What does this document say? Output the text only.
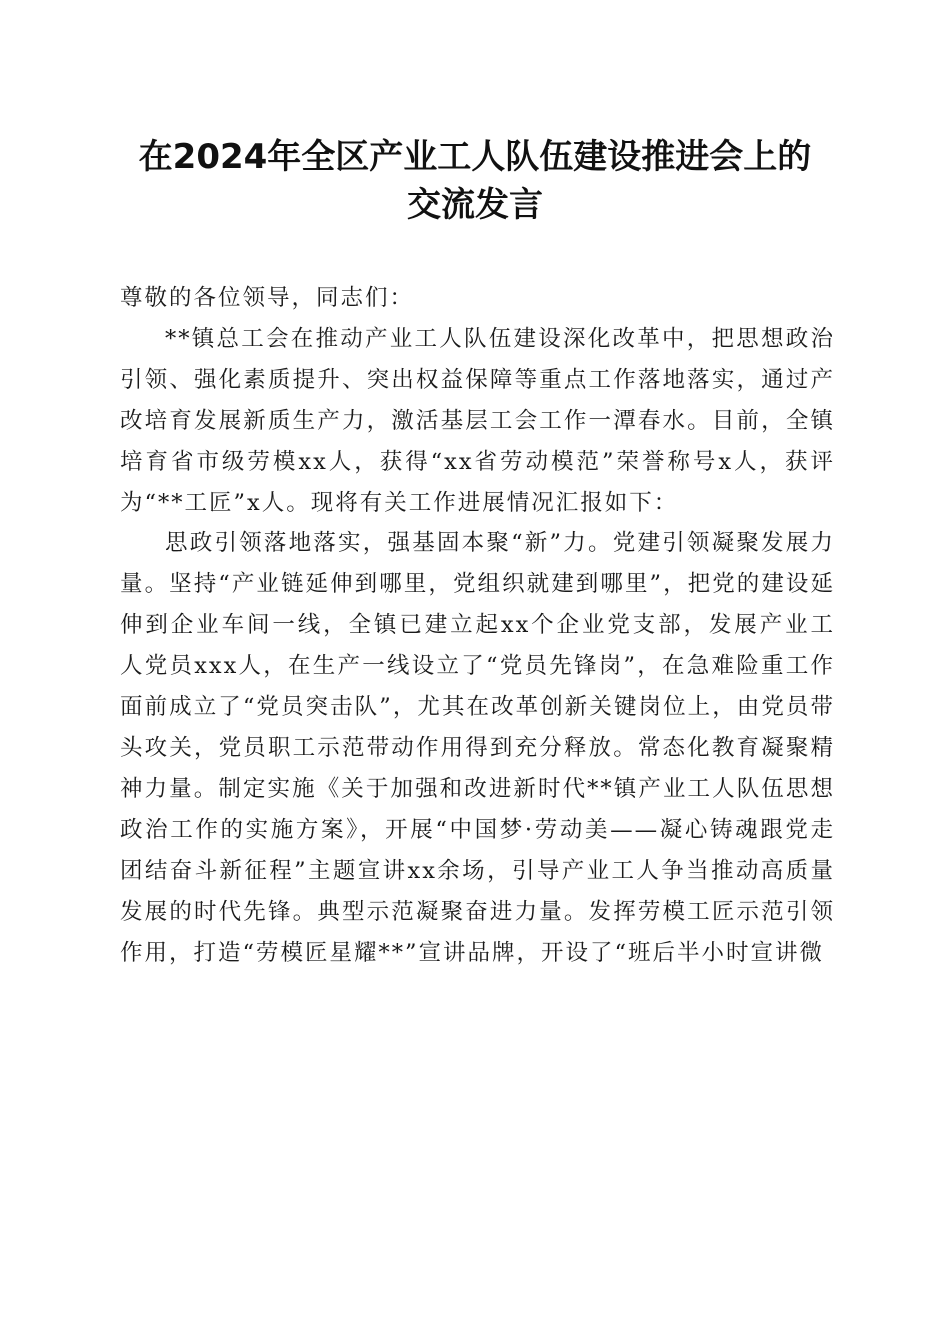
在2024年全区产业工人队伍建设推进会上的
交流发言

尊敬的各位领导，同志们：

**镇总工会在推动产业工人队伍建设深化改革中，把思想政治引领、强化素质提升、突出权益保障等重点工作落地落实，通过产改培育发展新质生产力，激活基层工会工作一潭春水。目前，全镇培育省市级劳模xx人，获得“xx省劳动模范”荣誉称号x人，获评为“**工匠”x人。现将有关工作进展情况汇报如下：

思政引领落地落实，强基固本聚“新”力。党建引领凝聚发展力量。坚持“产业链延伸到哪里，党组织就建到哪里”，把党的建设延伸到企业车间一线，全镇已建立起xx个企业党支部，发展产业工人党员xxx人，在生产一线设立了“党员先锋岗”，在急难险重工作面前成立了“党员突击队”，尤其在改革创新关键岗位上，由党员带头攻关，党员职工示范带动作用得到充分释放。常态化教育凝聚精神力量。制定实施《关于加强和改进新时代**镇产业工人队伍思想政治工作的实施方案》，开展“中国梦·劳动美——凝心铸魂跟党走团结奋斗新征程”主题宣讲xx余场，引导产业工人争当推动高质量发展的时代先锋。典型示范凝聚奋进力量。发挥劳模工匠示范引领作用，打造“劳模匠星耀**”宣讲品牌，开设了“班后半小时宣讲微
